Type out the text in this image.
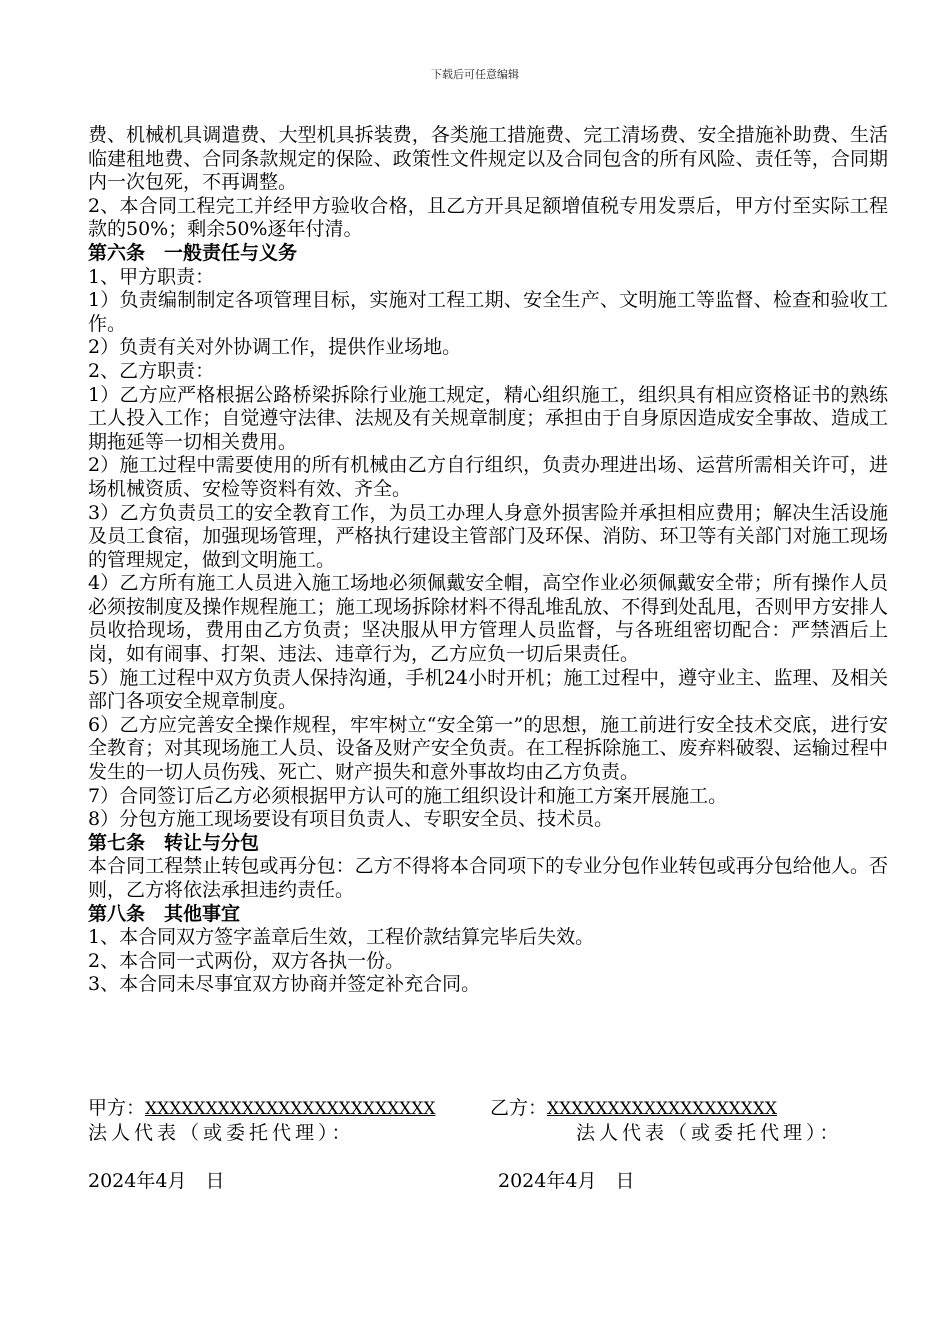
下载后可任意编辑

费、机械机具调遣费、大型机具拆装费，各类施工措施费、完工清场费、安全措施补助费、生活临建租地费、合同条款规定的保险、政策性文件规定以及合同包含的所有风险、责任等，合同期内一次包死，不再调整。

2、本合同工程完工并经甲方验收合格，且乙方开具足额增值税专用发票后，甲方付至实际工程款的50%；剩余50%逐年付清。

第六条　一般责任与义务

1、甲方职责：

1）负责编制制定各项管理目标，实施对工程工期、安全生产、文明施工等监督、检查和验收工作。

2）负责有关对外协调工作，提供作业场地。

2、乙方职责：

1）乙方应严格根据公路桥梁拆除行业施工规定，精心组织施工，组织具有相应资格证书的熟练工人投入工作；自觉遵守法律、法规及有关规章制度；承担由于自身原因造成安全事故、造成工期拖延等一切相关费用。

2）施工过程中需要使用的所有机械由乙方自行组织，负责办理进出场、运营所需相关许可，进场机械资质、安检等资料有效、齐全。

3）乙方负责员工的安全教育工作，为员工办理人身意外损害险并承担相应费用；解决生活设施及员工食宿，加强现场管理，严格执行建设主管部门及环保、消防、环卫等有关部门对施工现场的管理规定，做到文明施工。

4）乙方所有施工人员进入施工场地必须佩戴安全帽，高空作业必须佩戴安全带；所有操作人员必须按制度及操作规程施工；施工现场拆除材料不得乱堆乱放、不得到处乱甩，否则甲方安排人员收拾现场，费用由乙方负责；坚决服从甲方管理人员监督，与各班组密切配合：严禁酒后上岗，如有闹事、打架、违法、违章行为，乙方应负一切后果责任。

5）施工过程中双方负责人保持沟通，手机24小时开机；施工过程中，遵守业主、监理、及相关部门各项安全规章制度。

6）乙方应完善安全操作规程，牢牢树立“安全第一”的思想，施工前进行安全技术交底，进行安全教育；对其现场施工人员、设备及财产安全负责。在工程拆除施工、废弃料破裂、运输过程中发生的一切人员伤残、死亡、财产损失和意外事故均由乙方负责。

7）合同签订后乙方必须根据甲方认可的施工组织设计和施工方案开展施工。

8）分包方施工现场要设有项目负责人、专职安全员、技术员。

第七条　转让与分包

本合同工程禁止转包或再分包：乙方不得将本合同项下的专业分包作业转包或再分包给他人。否则，乙方将依法承担违约责任。

第八条　其他事宜

1、本合同双方签字盖章后生效，工程价款结算完毕后失效。

2、本合同一式两份，双方各执一份。

3、本合同未尽事宜双方协商并签定补充合同。

甲方：XXXXXXXXXXXXXXXXXXXXXXXX	乙方：XXXXXXXXXXXXXXXXXXX
法人代表（或委托代理）：	法人代表（或委托代理）：
2024年4月　日	2024年4月　日
